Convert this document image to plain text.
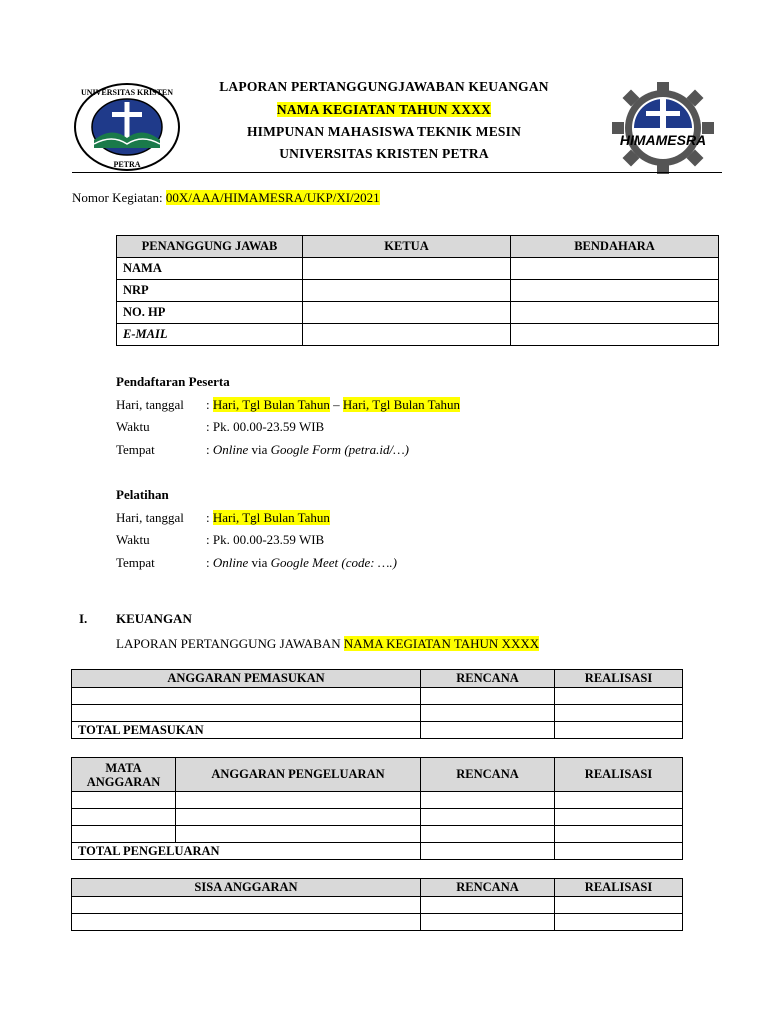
UNIVERSITAS KRISTEN
PETRA
LAPORAN PERTANGGUNGJAWABAN KEUANGAN
NAMA KEGIATAN TAHUN XXXX
HIMPUNAN MAHASISWA TEKNIK MESIN
UNIVERSITAS KRISTEN PETRA
HIMAMESRA
Nomor Kegiatan: 00X/AAA/HIMAMESRA/UKP/XI/2021
PENANGGUNG JAWAB	KETUA	BENDAHARA
NAMA		
NRP		
NO. HP		
E-MAIL		
Pendaftaran Peserta
Hari, tanggal : Hari, Tgl Bulan Tahun – Hari, Tgl Bulan Tahun
Waktu	: Pk. 00.00-23.59 WIB
Tempat	: Online via Google Form (petra.id/…)
Pelatihan
Hari, tanggal : Hari, Tgl Bulan Tahun
Waktu	: Pk. 00.00-23.59 WIB
Tempat	: Online via Google Meet (code: ….)
I. KEUANGAN
LAPORAN PERTANGGUNG JAWABAN NAMA KEGIATAN TAHUN XXXX
ANGGARAN PEMASUKAN	RENCANA	REALISASI

TOTAL PEMASUKAN		
MATA ANGGARAN	ANGGARAN PENGELUARAN	RENCANA	REALISASI

TOTAL PENGELUARAN			
SISA ANGGARAN	RENCANA	REALISASI
